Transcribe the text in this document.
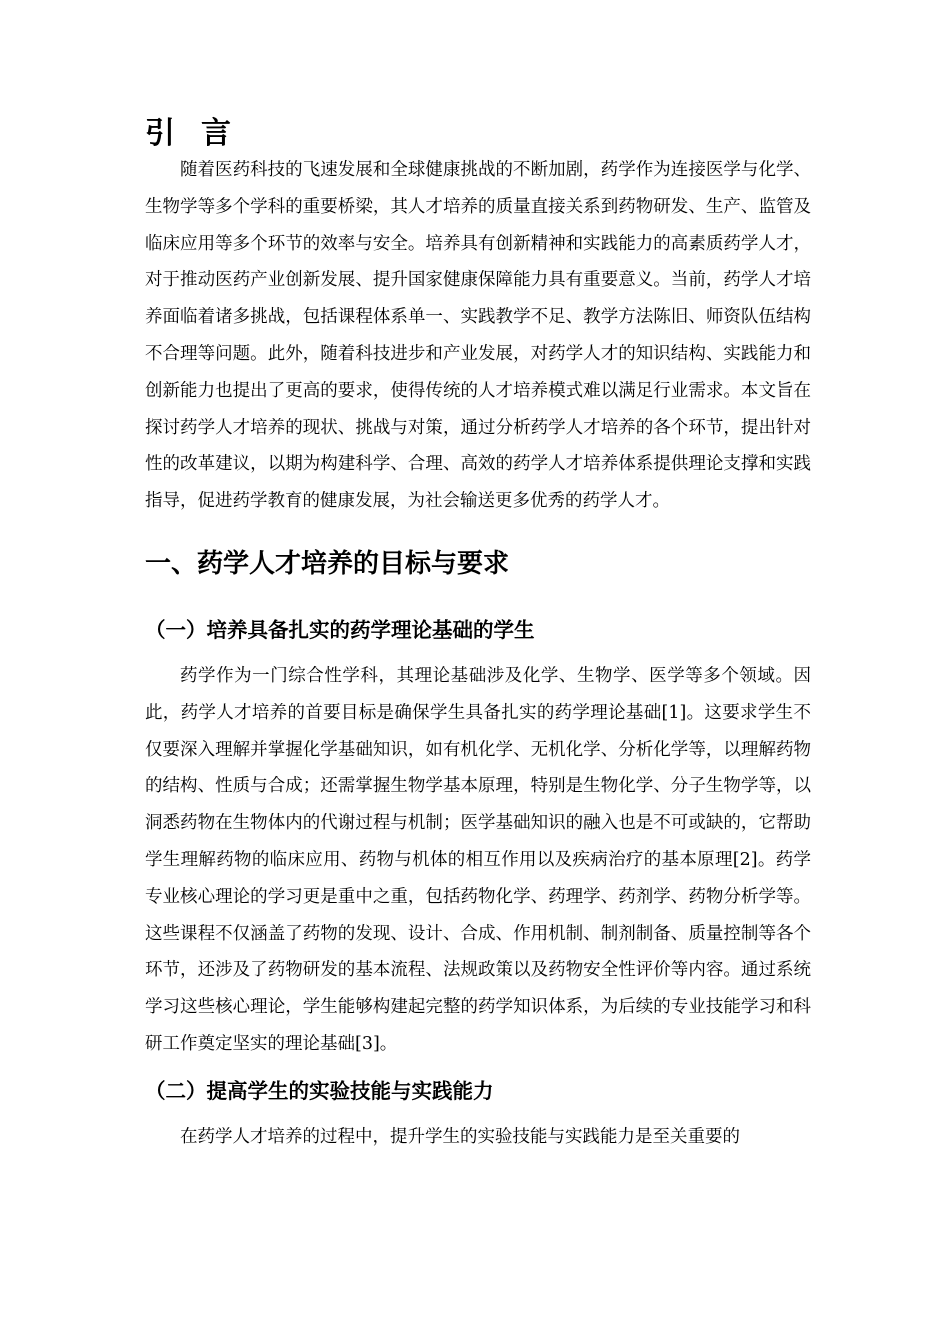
引言

随着医药科技的飞速发展和全球健康挑战的不断加剧，药学作为连接医学与化学、生物学等多个学科的重要桥梁，其人才培养的质量直接关系到药物研发、生产、监管及临床应用等多个环节的效率与安全。培养具有创新精神和实践能力的高素质药学人才，对于推动医药产业创新发展、提升国家健康保障能力具有重要意义。当前，药学人才培养面临着诸多挑战，包括课程体系单一、实践教学不足、教学方法陈旧、师资队伍结构不合理等问题。此外，随着科技进步和产业发展，对药学人才的知识结构、实践能力和创新能力也提出了更高的要求，使得传统的人才培养模式难以满足行业需求。本文旨在探讨药学人才培养的现状、挑战与对策，通过分析药学人才培养的各个环节，提出针对性的改革建议，以期为构建科学、合理、高效的药学人才培养体系提供理论支撑和实践指导，促进药学教育的健康发展，为社会输送更多优秀的药学人才。

一、药学人才培养的目标与要求
（一）培养具备扎实的药学理论基础的学生

药学作为一门综合性学科，其理论基础涉及化学、生物学、医学等多个领域。因此，药学人才培养的首要目标是确保学生具备扎实的药学理论基础[1]。这要求学生不仅要深入理解并掌握化学基础知识，如有机化学、无机化学、分析化学等，以理解药物的结构、性质与合成；还需掌握生物学基本原理，特别是生物化学、分子生物学等，以洞悉药物在生物体内的代谢过程与机制；医学基础知识的融入也是不可或缺的，它帮助学生理解药物的临床应用、药物与机体的相互作用以及疾病治疗的基本原理[2]。药学专业核心理论的学习更是重中之重，包括药物化学、药理学、药剂学、药物分析学等。这些课程不仅涵盖了药物的发现、设计、合成、作用机制、制剂制备、质量控制等各个环节，还涉及了药物研发的基本流程、法规政策以及药物安全性评价等内容。通过系统学习这些核心理论，学生能够构建起完整的药学知识体系，为后续的专业技能学习和科研工作奠定坚实的理论基础[3]。

（二）提高学生的实验技能与实践能力

在药学人才培养的过程中，提升学生的实验技能与实践能力是至关重要的
